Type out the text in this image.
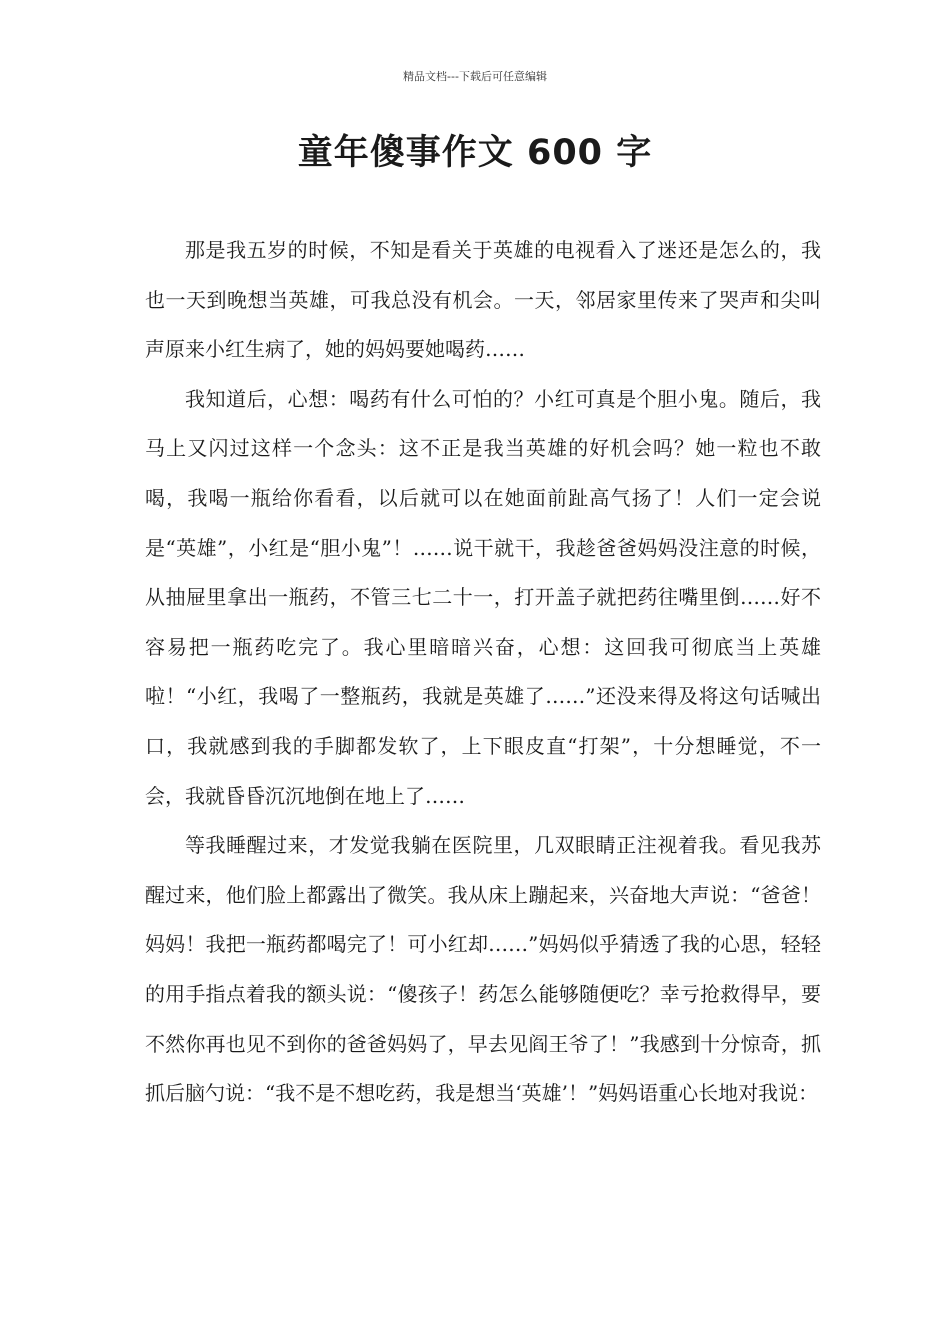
精品文档---下载后可任意编辑
童年傻事作文 600 字

那是我五岁的时候，不知是看关于英雄的电视看入了迷还是怎么的，我也一天到晚想当英雄，可我总没有机会。一天，邻居家里传来了哭声和尖叫声原来小红生病了，她的妈妈要她喝药……

我知道后，心想：喝药有什么可怕的？小红可真是个胆小鬼。随后，我马上又闪过这样一个念头：这不正是我当英雄的好机会吗？她一粒也不敢喝，我喝一瓶给你看看，以后就可以在她面前趾高气扬了！人们一定会说是“英雄”，小红是“胆小鬼”！……说干就干，我趁爸爸妈妈没注意的时候，从抽屉里拿出一瓶药，不管三七二十一，打开盖子就把药往嘴里倒……好不容易把一瓶药吃完了。我心里暗暗兴奋，心想：这回我可彻底当上英雄啦！“小红，我喝了一整瓶药，我就是英雄了……”还没来得及将这句话喊出口，我就感到我的手脚都发软了，上下眼皮直“打架”，十分想睡觉，不一会，我就昏昏沉沉地倒在地上了……

等我睡醒过来，才发觉我躺在医院里，几双眼睛正注视着我。看见我苏醒过来，他们脸上都露出了微笑。我从床上蹦起来，兴奋地大声说：“爸爸！妈妈！我把一瓶药都喝完了！可小红却……”妈妈似乎猜透了我的心思，轻轻的用手指点着我的额头说：“傻孩子！药怎么能够随便吃？幸亏抢救得早，要不然你再也见不到你的爸爸妈妈了，早去见阎王爷了！”我感到十分惊奇，抓抓后脑勺说：“我不是不想吃药，我是想当‘英雄’！”妈妈语重心长地对我说：
